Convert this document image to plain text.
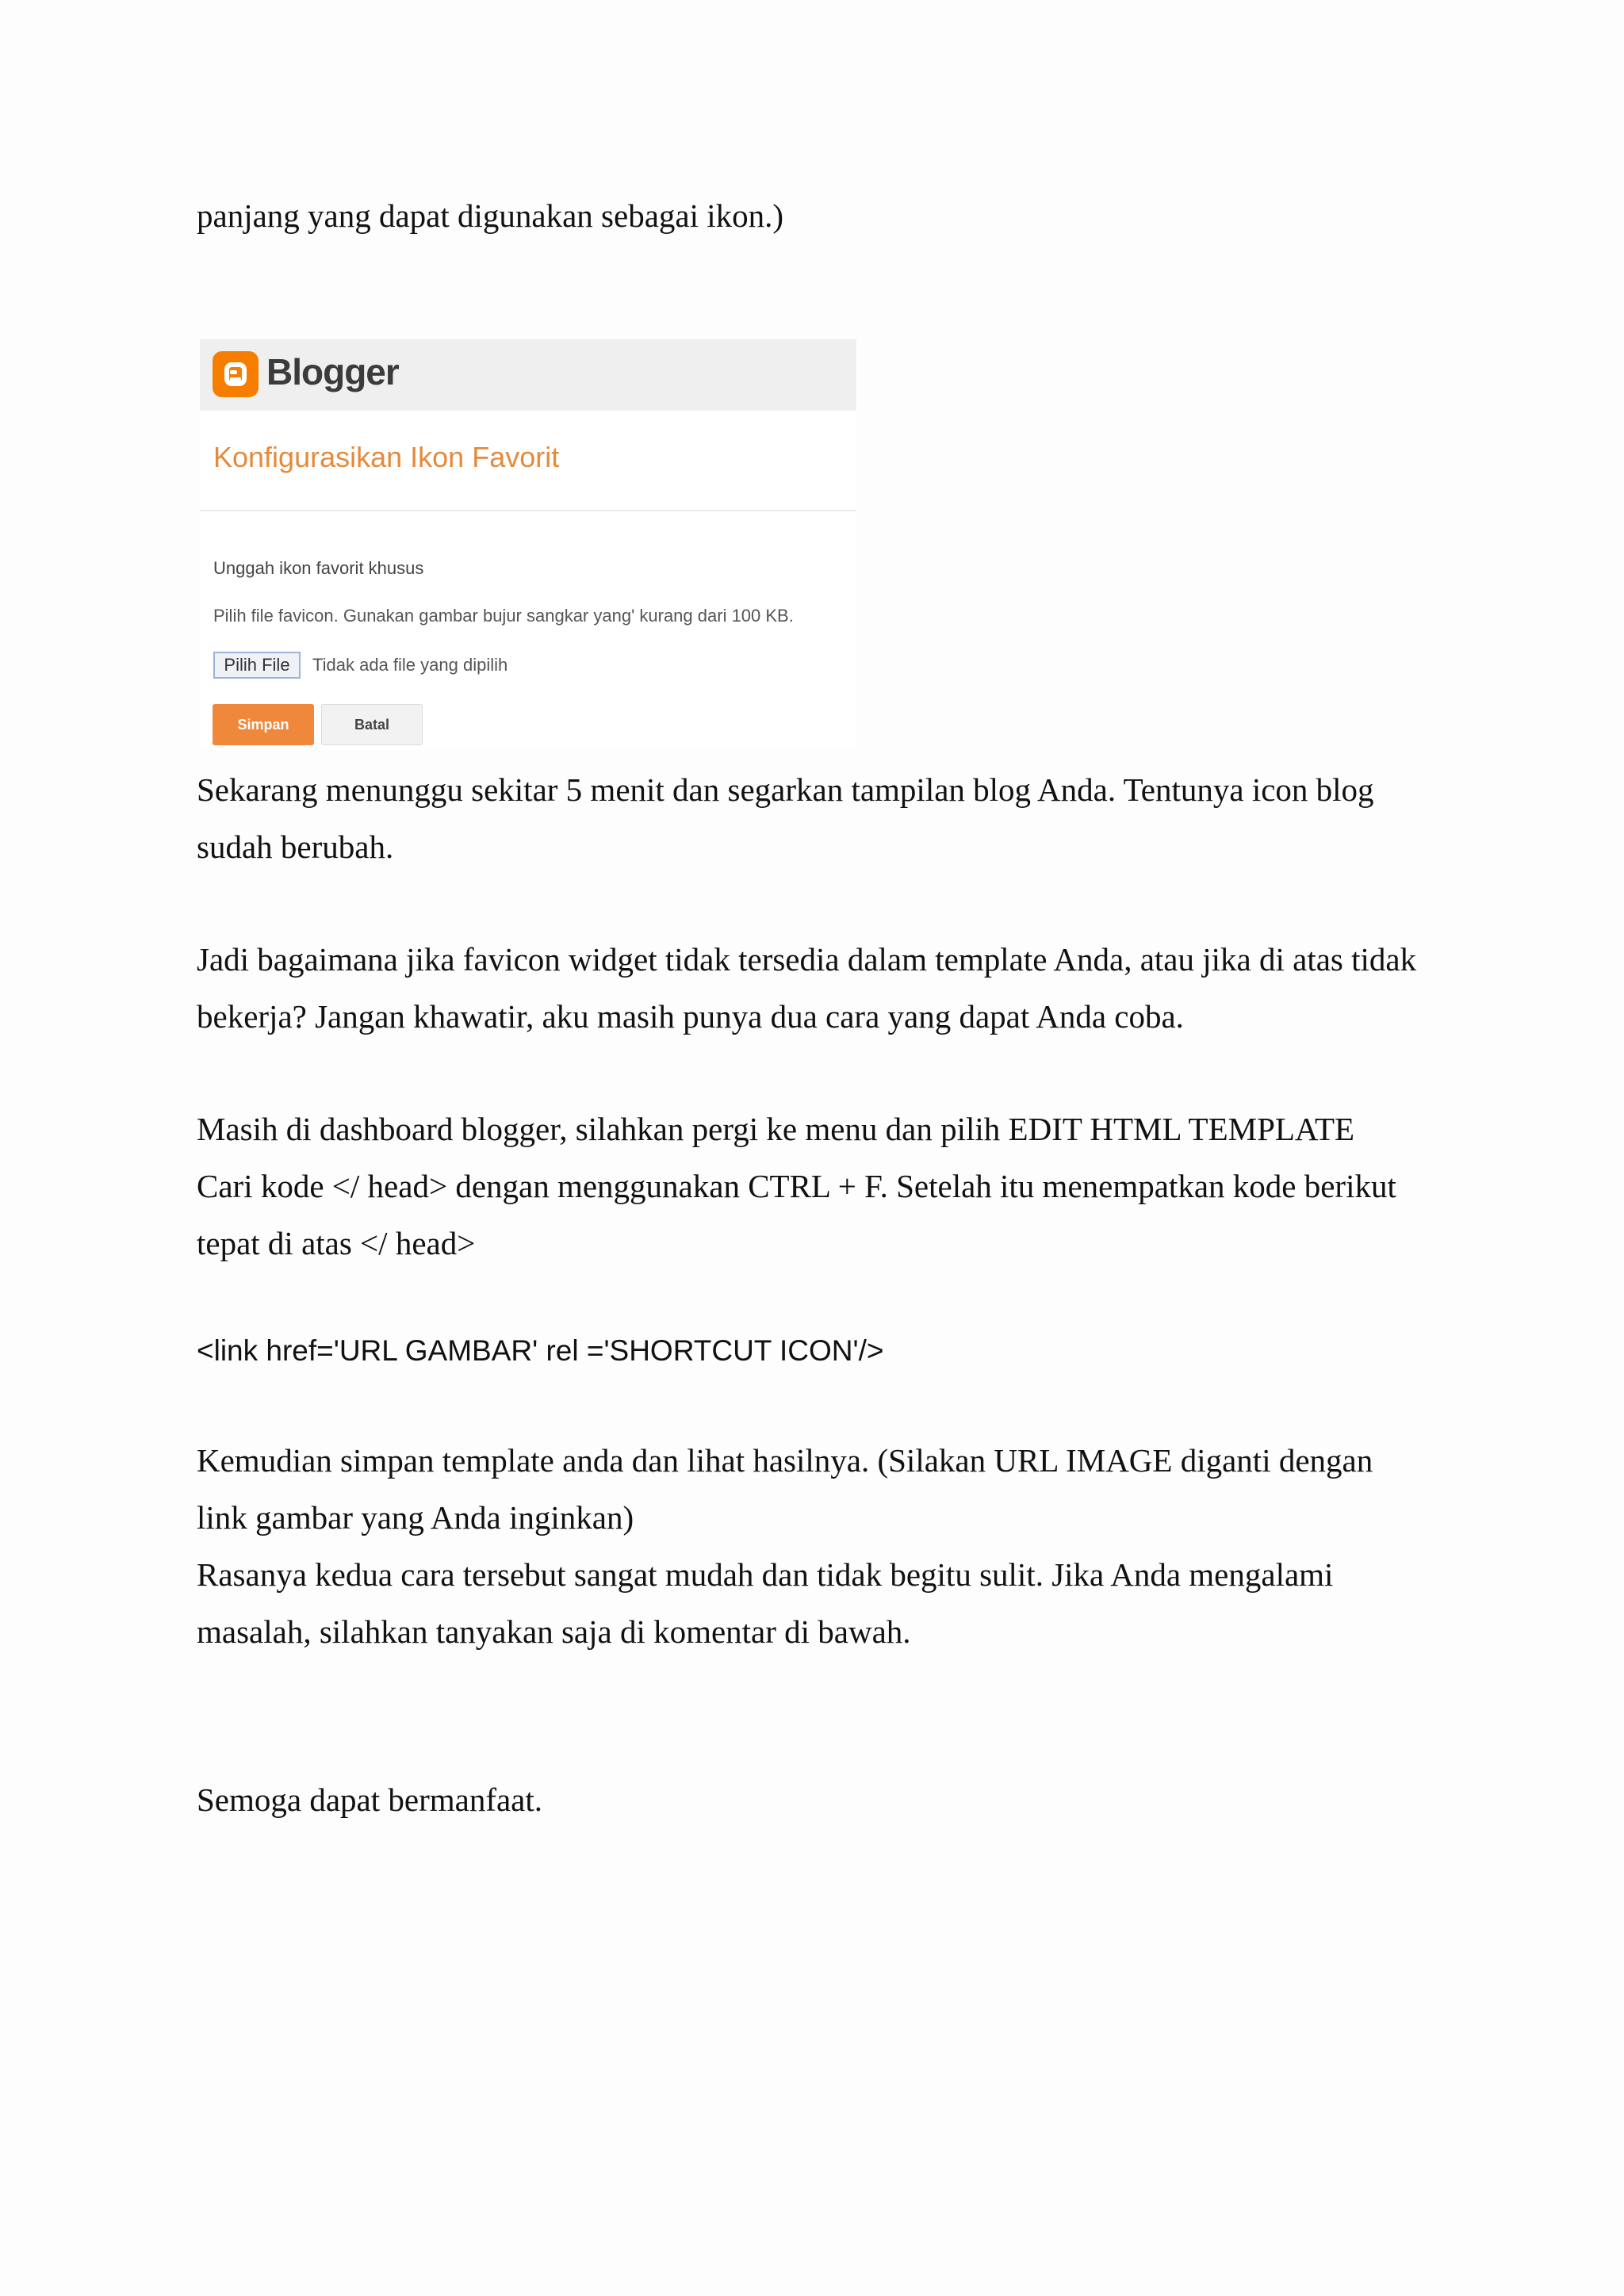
panjang yang dapat digunakan sebagai ikon.)

Blogger
Konfigurasikan Ikon Favorit
Unggah ikon favorit khusus
Pilih file favicon. Gunakan gambar bujur sangkar yang' kurang dari 100 KB.
Pilih File	Tidak ada file yang dipilih
Simpan	Batal

Sekarang menunggu sekitar 5 menit dan segarkan tampilan blog Anda. Tentunya icon blog
sudah berubah.

Jadi bagaimana jika favicon widget tidak tersedia dalam template Anda, atau jika di atas tidak
bekerja? Jangan khawatir, aku masih punya dua cara yang dapat Anda coba.

Masih di dashboard blogger, silahkan pergi ke menu dan pilih EDIT HTML TEMPLATE
Cari kode </ head> dengan menggunakan CTRL + F. Setelah itu menempatkan kode berikut
tepat di atas </ head>

<link href='URL GAMBAR' rel ='SHORTCUT ICON'/>

Kemudian simpan template anda dan lihat hasilnya. (Silakan URL IMAGE diganti dengan
link gambar yang Anda inginkan)
Rasanya kedua cara tersebut sangat mudah dan tidak begitu sulit. Jika Anda mengalami
masalah, silahkan tanyakan saja di komentar di bawah.

Semoga dapat bermanfaat.
